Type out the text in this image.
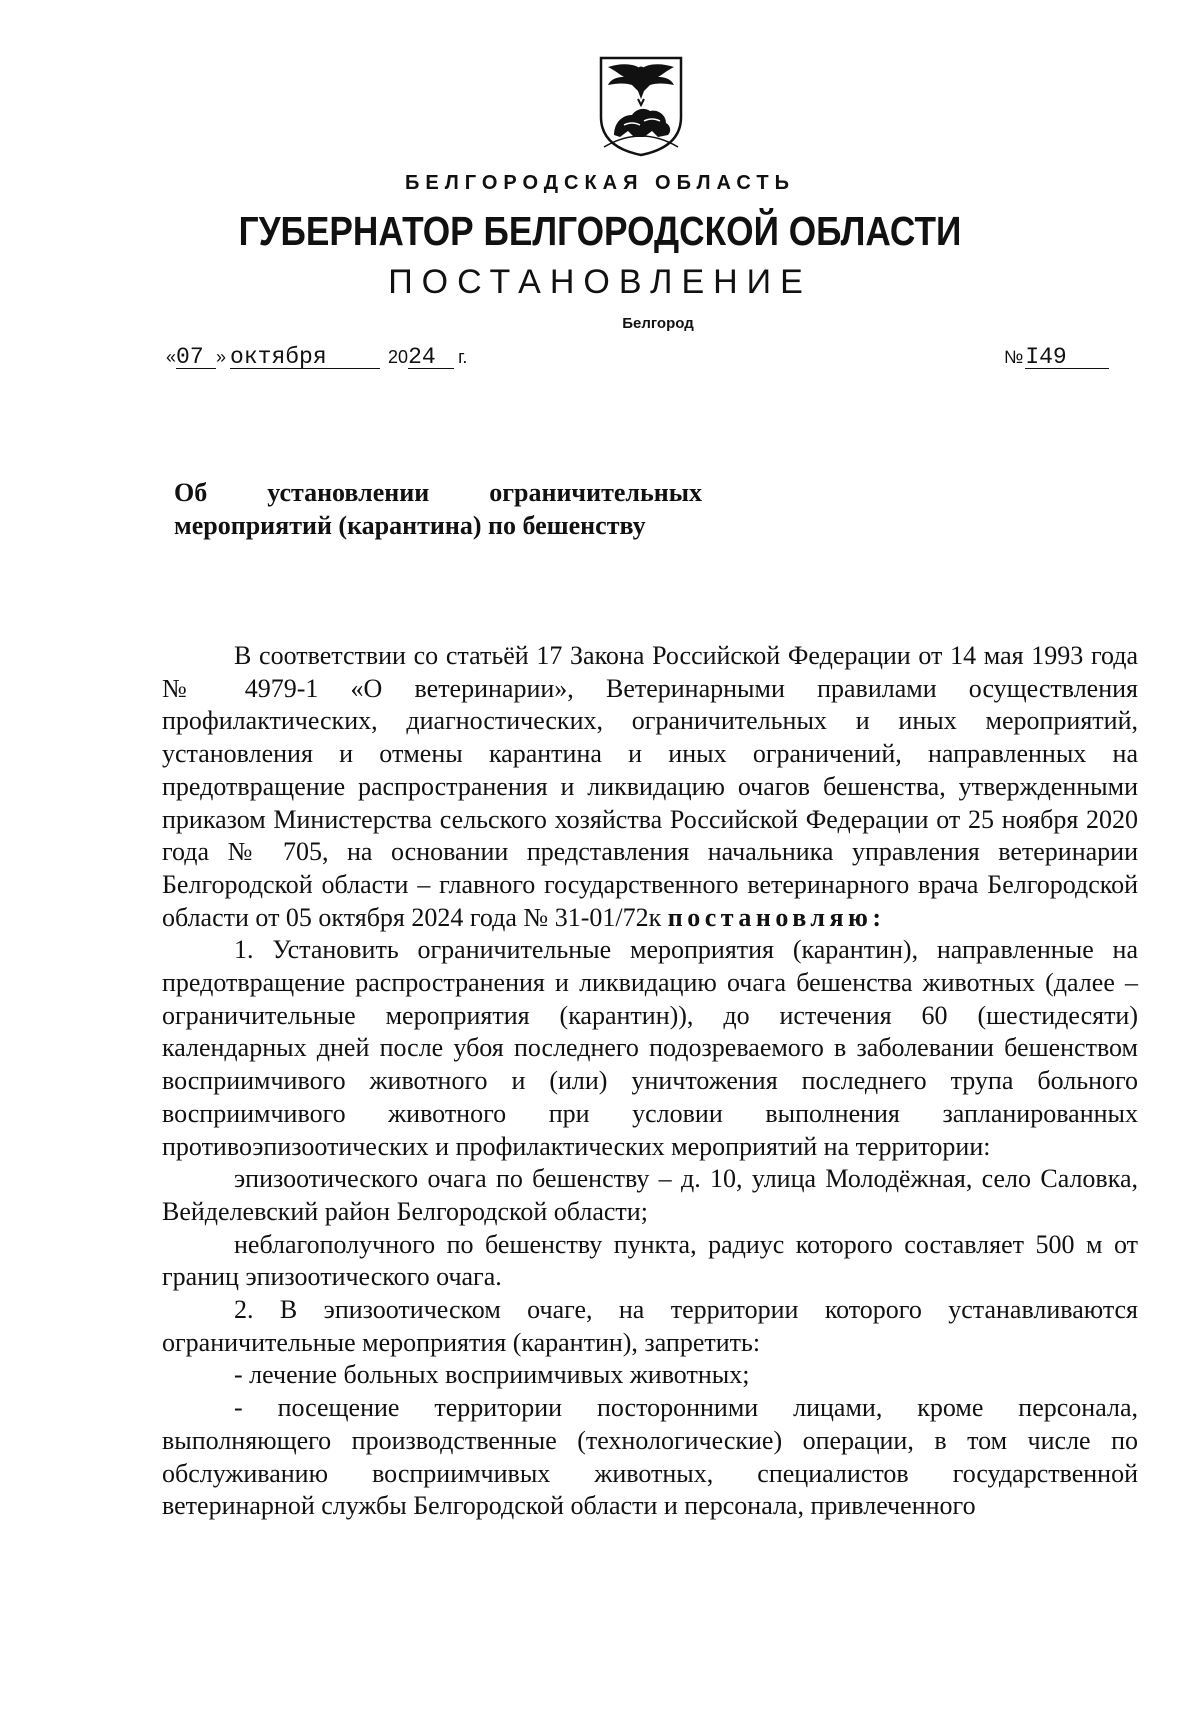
БЕЛГОРОДСКАЯ ОБЛАСТЬ
ГУБЕРНАТОР БЕЛГОРОДСКОЙ ОБЛАСТИ
ПОСТАНОВЛЕНИЕ
Белгород
«07 » октября	2024 г.	№I49
Об установлении ограничительных
мероприятий (карантина) по бешенству

В соответствии со статьёй 17 Закона Российской Федерации от 14 мая 1993 года № 4979-1 «О ветеринарии», Ветеринарными правилами осуществления профилактических, диагностических, ограничительных и иных мероприятий, установления и отмены карантина и иных ограничений, направленных на предотвращение распространения и ликвидацию очагов бешенства, утвержденными приказом Министерства сельского хозяйства Российской Федерации от 25 ноября 2020 года № 705, на основании представления начальника управления ветеринарии Белгородской области – главного государственного ветеринарного врача Белгородской области от 05 октября 2024 года № 31-01/72к постановляю:

1. Установить ограничительные мероприятия (карантин), направленные на предотвращение распространения и ликвидацию очага бешенства животных (далее – ограничительные мероприятия (карантин)), до истечения 60 (шестидесяти) календарных дней после убоя последнего подозреваемого в заболевании бешенством восприимчивого животного и (или) уничтожения последнего трупа больного восприимчивого животного при условии выполнения запланированных противоэпизоотических и профилактических мероприятий на территории:

эпизоотического очага по бешенству – д. 10, улица Молодёжная, село Саловка, Вейделевский район Белгородской области;

неблагополучного по бешенству пункта, радиус которого составляет 500 м от границ эпизоотического очага.

2. В эпизоотическом очаге, на территории которого устанавливаются ограничительные мероприятия (карантин), запретить:

- лечение больных восприимчивых животных;

- посещение территории посторонними лицами, кроме персонала, выполняющего производственные (технологические) операции, в том числе по обслуживанию восприимчивых животных, специалистов государственной ветеринарной службы Белгородской области и персонала, привлеченного
